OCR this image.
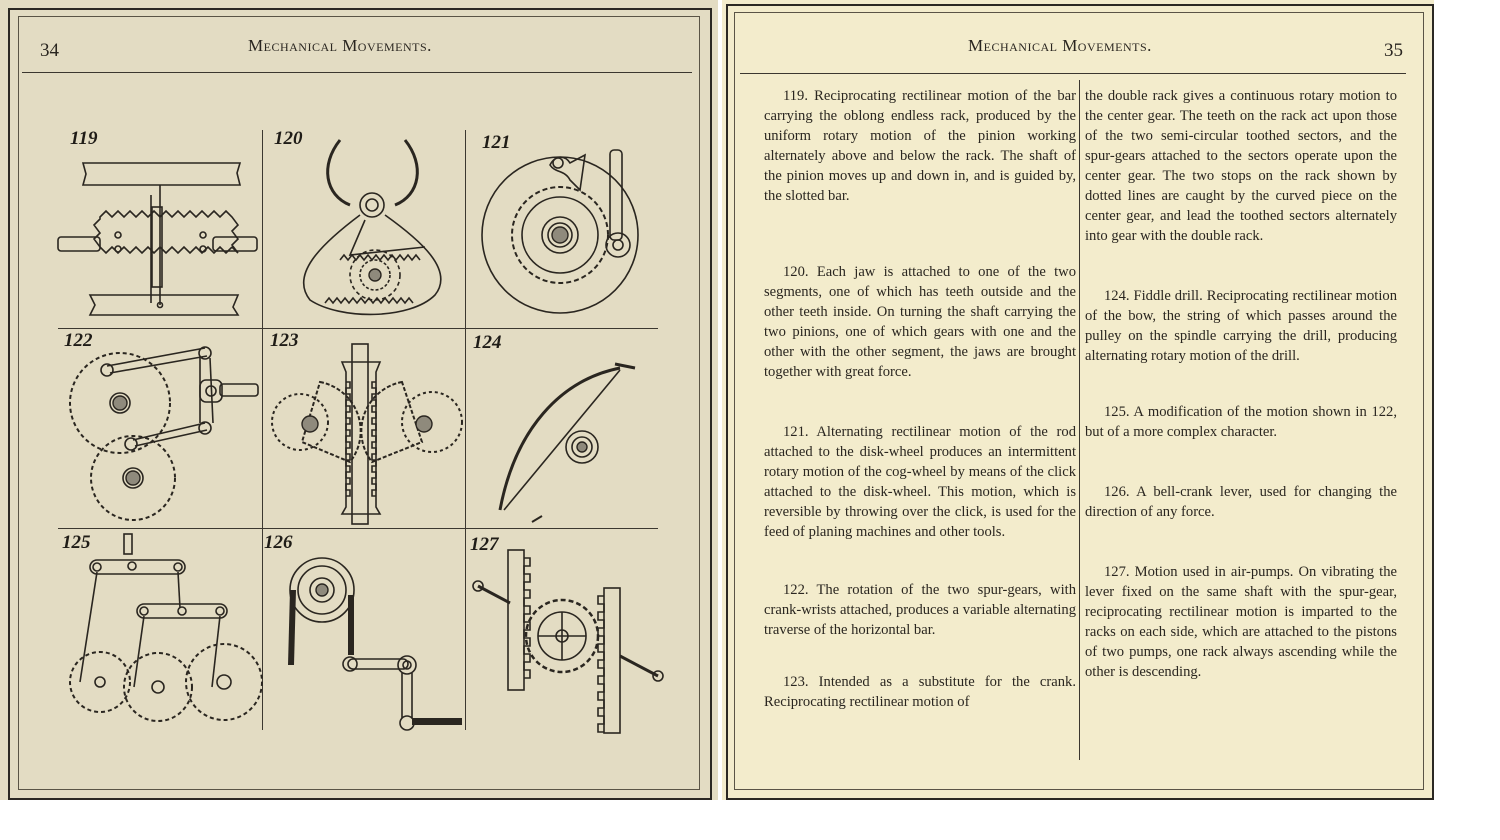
34	Mechanical Movements.
119	120	121
122	123	124
125	126	127
Mechanical Movements.	35

119. Reciprocating rectilinear motion of the bar carrying the oblong endless rack, produced by the uniform rotary motion of the pinion working alternately above and below the rack. The shaft of the pinion moves up and down in, and is guided by, the slotted bar.

120. Each jaw is attached to one of the two segments, one of which has teeth outside and the other teeth inside. On turning the shaft carrying the two pinions, one of which gears with one and the other with the other segment, the jaws are brought together with great force.

121. Alternating rectilinear motion of the rod attached to the disk-wheel produces an intermittent rotary motion of the cog-wheel by means of the click attached to the disk-wheel. This motion, which is reversible by throwing over the click, is used for the feed of planing machines and other tools.

122. The rotation of the two spur-gears, with crank-wrists attached, produces a variable alternating traverse of the horizontal bar.

123. Intended as a substitute for the crank. Reciprocating rectilinear motion of

the double rack gives a continuous rotary motion to the center gear. The teeth on the rack act upon those of the two semi-circular toothed sectors, and the spur-gears attached to the sectors operate upon the center gear. The two stops on the rack shown by dotted lines are caught by the curved piece on the center gear, and lead the toothed sectors alternately into gear with the double rack.

124. Fiddle drill. Reciprocating rectilinear motion of the bow, the string of which passes around the pulley on the spindle carrying the drill, producing alternating rotary motion of the drill.

125. A modification of the motion shown in 122, but of a more complex character.

126. A bell-crank lever, used for changing the direction of any force.

127. Motion used in air-pumps. On vibrating the lever fixed on the same shaft with the spur-gear, reciprocating rectilinear motion is imparted to the racks on each side, which are attached to the pistons of two pumps, one rack always ascending while the other is descending.
